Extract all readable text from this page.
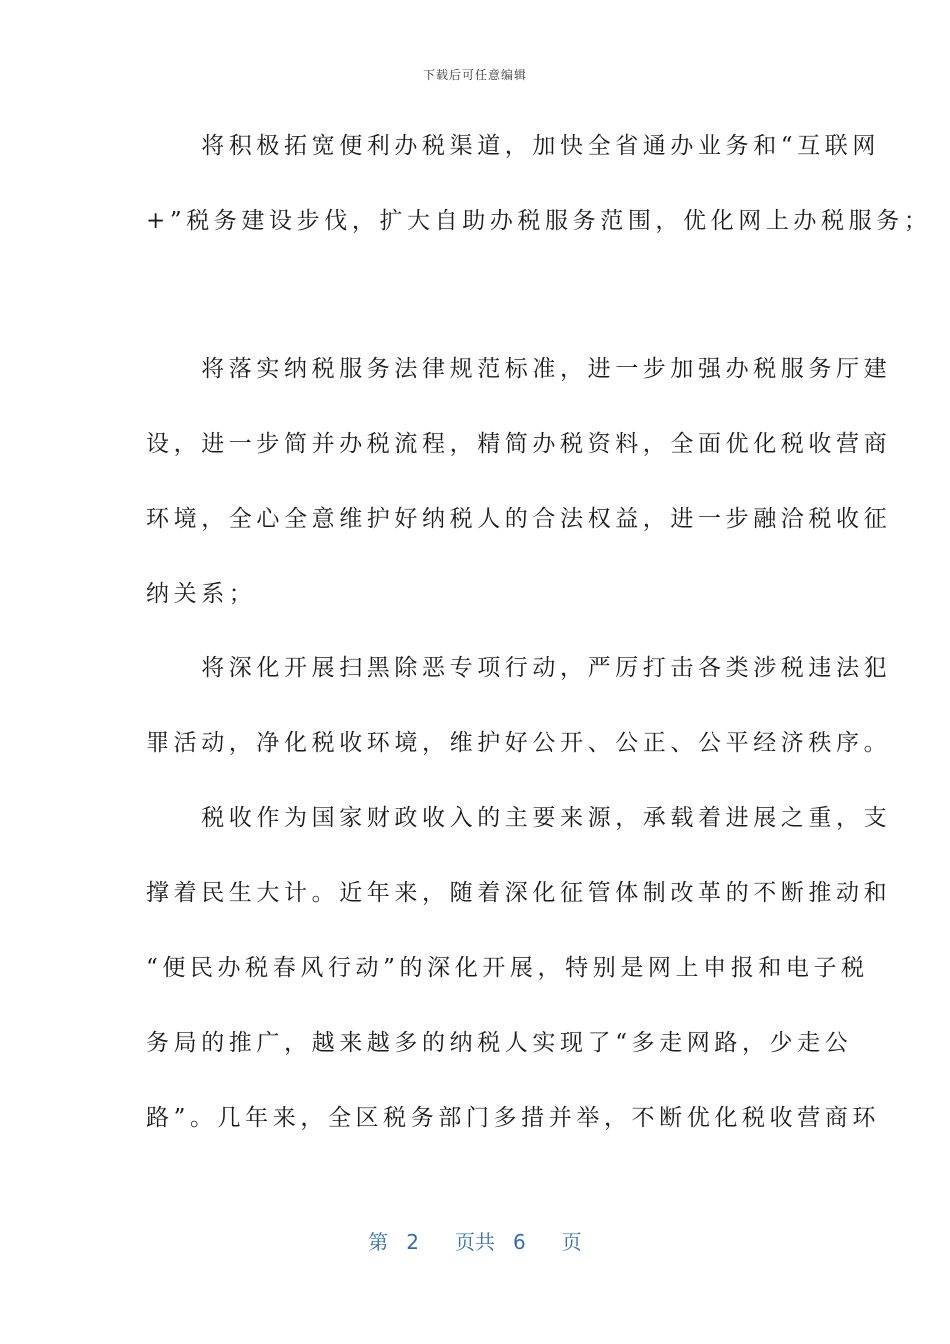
下载后可任意编辑
　　将积极拓宽便利办税渠道，加快全省通办业务和“互联网
+”税务建设步伐，扩大自助办税服务范围，优化网上办税服务；
　　将落实纳税服务法律规范标准，进一步加强办税服务厅建
设，进一步简并办税流程，精简办税资料，全面优化税收营商
环境，全心全意维护好纳税人的合法权益，进一步融洽税收征
纳关系；
　　将深化开展扫黑除恶专项行动，严厉打击各类涉税违法犯
罪活动，净化税收环境，维护好公开、公正、公平经济秩序。
　　税收作为国家财政收入的主要来源，承载着进展之重，支
撑着民生大计。近年来，随着深化征管体制改革的不断推动和
“便民办税春风行动”的深化开展，特别是网上申报和电子税
务局的推广，越来越多的纳税人实现了“多走网路，少走公
路”。几年来，全区税务部门多措并举，不断优化税收营商环
第 2 页共 6 页
